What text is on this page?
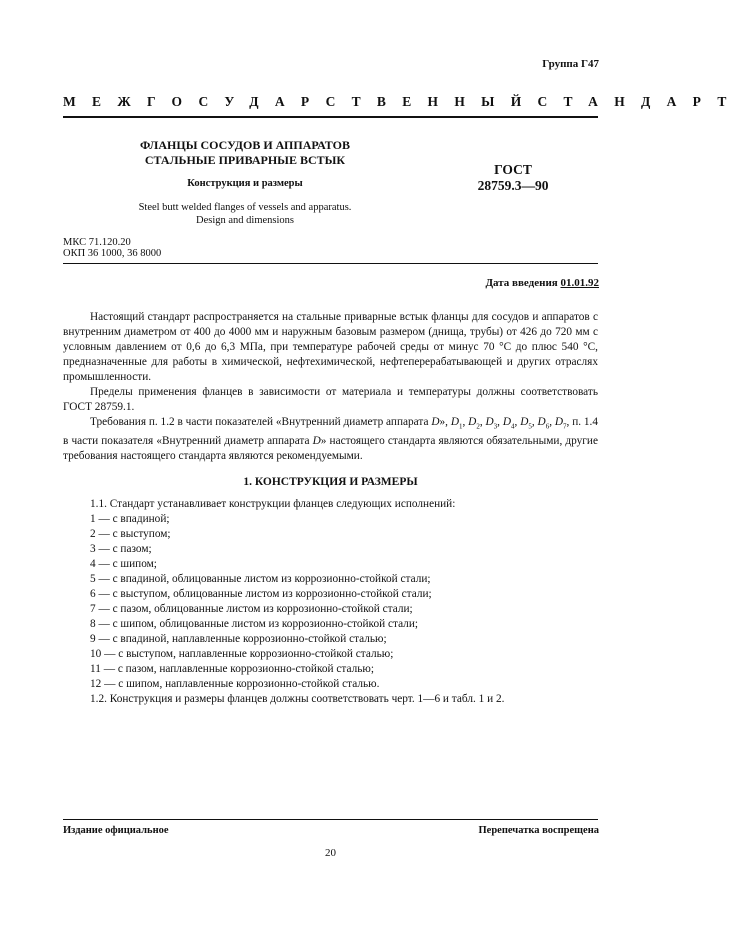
Группа Г47
МЕЖГОСУДАРСТВЕННЫЙ СТАНДАРТ
ФЛАНЦЫ СОСУДОВ И АППАРАТОВ
СТАЛЬНЫЕ ПРИВАРНЫЕ ВСТЫК
Конструкция и размеры
Steel butt welded flanges of vessels and apparatus.
Design and dimensions
ГОСТ
28759.3—90
МКС 71.120.20
ОКП 36 1000, 36 8000
Дата введения 01.01.92

Настоящий стандарт распространяется на стальные приварные встык фланцы для сосудов и аппаратов с внутренним диаметром от 400 до 4000 мм и наружным базовым размером (днища, трубы) от 426 до 720 мм с условным давлением от 0,6 до 6,3 МПа, при температуре рабочей среды от минус 70 °С до плюс 540 °С, предназначенные для работы в химической, нефтехимической, нефтеперерабатывающей и других отраслях промышленности.

Пределы применения фланцев в зависимости от материала и температуры должны соответствовать ГОСТ 28759.1.

Требования п. 1.2 в части показателей «Внутренний диаметр аппарата D», $D_1$, $D_2$, $D_3$, $D_4$, $D_5$, $D_6$, $D_7$, п. 1.4 в части показателя «Внутренний диаметр аппарата D» настоящего стандарта являются обязательными, другие требования настоящего стандарта являются рекомендуемыми.

1. КОНСТРУКЦИЯ И РАЗМЕРЫ

1.1. Стандарт устанавливает конструкции фланцев следующих исполнений:

1 — с впадиной;
2 — с выступом;
3 — с пазом;
4 — с шипом;
5 — с впадиной, облицованные листом из коррозионно-стойкой стали;
6 — с выступом, облицованные листом из коррозионно-стойкой стали;
7 — с пазом, облицованные листом из коррозионно-стойкой стали;
8 — с шипом, облицованные листом из коррозионно-стойкой стали;
9 — с впадиной, наплавленные коррозионно-стойкой сталью;
10 — с выступом, наплавленные коррозионно-стойкой сталью;
11 — с пазом, наплавленные коррозионно-стойкой сталью;
12 — с шипом, наплавленные коррозионно-стойкой сталью.

1.2. Конструкция и размеры фланцев должны соответствовать черт. 1—6 и табл. 1 и 2.

Издание официальное	Перепечатка воспрещена
20
